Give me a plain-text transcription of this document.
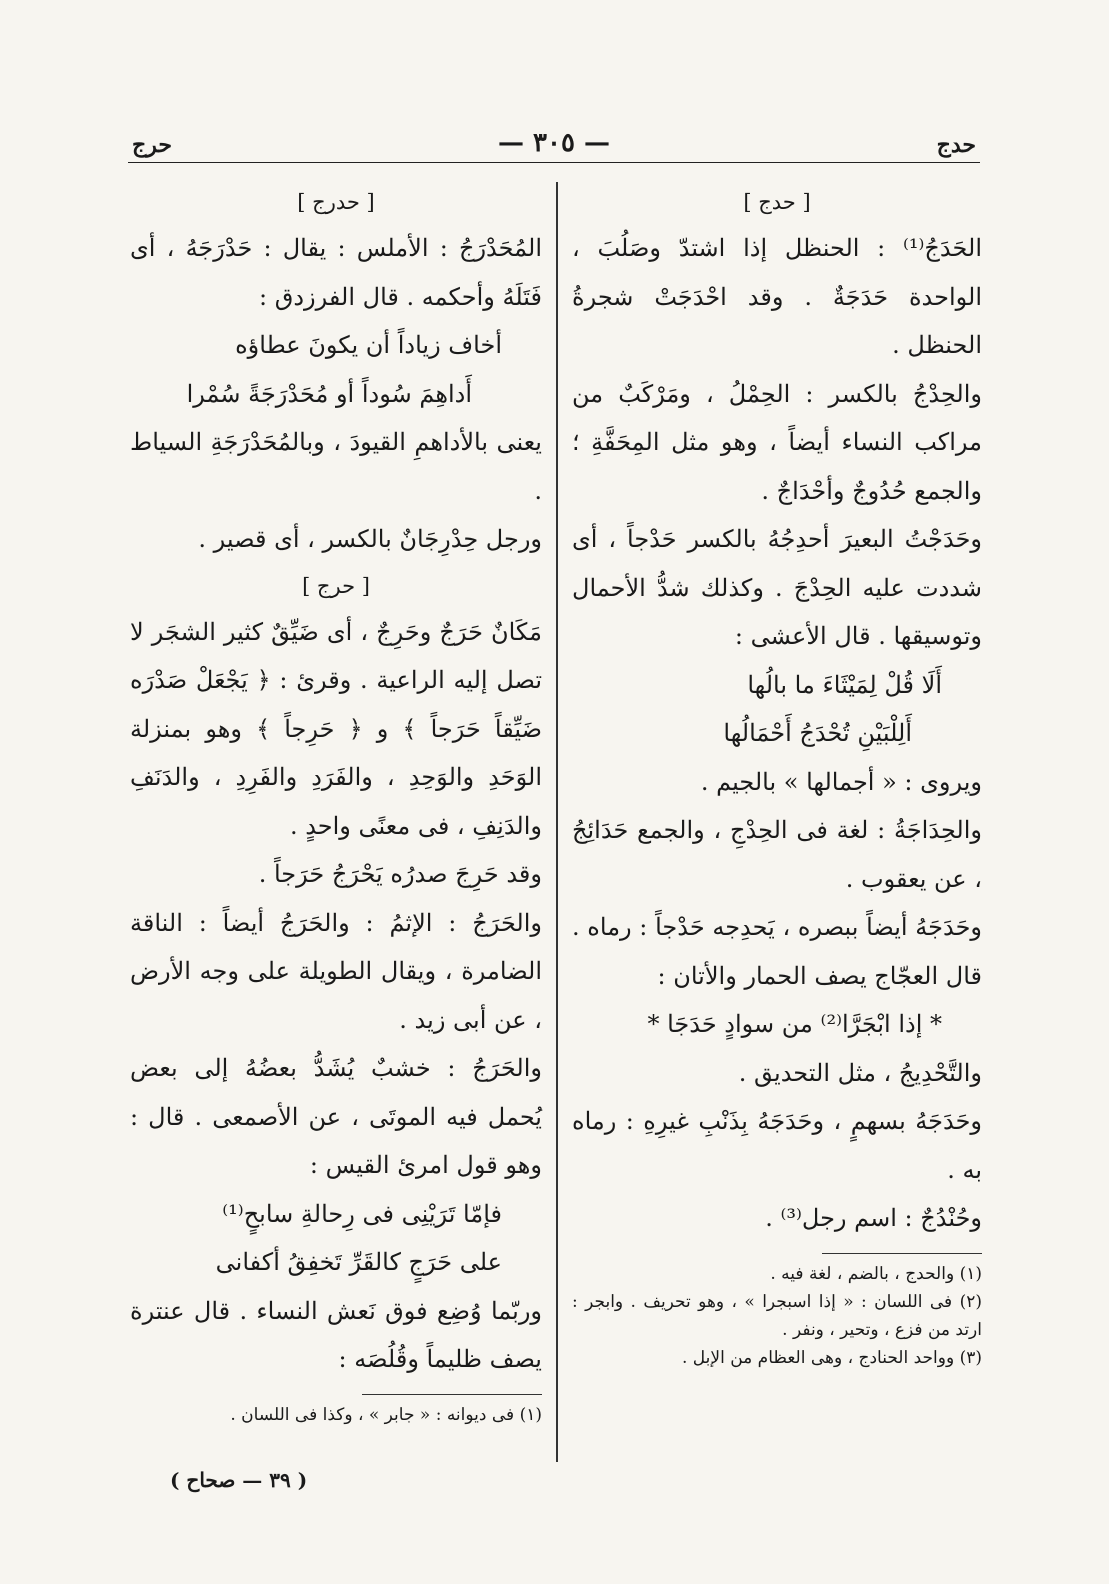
حدج
— ٣٠٥ —
حرج

[ حدج ]

الحَدَجُ⁽¹⁾ : الحنظل إذا اشتدّ وصَلُبَ ، الواحدة حَدَجَةٌ . وقد احْدَجَتْ شجرةُ الحنظل .

والحِدْجُ بالكسر : الحِمْلُ ، ومَرْكَبٌ من مراكب النساء أيضاً ، وهو مثل المِحَفَّةِ ؛ والجمع حُدُوجٌ وأحْدَاجٌ .

وحَدَجْتُ البعيرَ أحدِجُهُ بالكسر حَدْجاً ، أى شددت عليه الحِدْجَ . وكذلك شدُّ الأحمال وتوسيقها . قال الأعشى :

أَلَا قُلْ لِمَيْثَاءَ ما بالُها

أَلِلْبَيْنِ تُحْدَجُ أَحْمَالُها

ويروى : « أجمالها » بالجيم .

والحِدَاجَةُ : لغة فى الحِدْجِ ، والجمع حَدَائِجُ ، عن يعقوب .

وحَدَجَهُ أيضاً ببصره ، يَحدِجه حَدْجاً : رماه . قال العجّاج يصف الحمار والأتان :

* إذا ابْجَرَّا⁽²⁾ من سوادٍ حَدَجَا *

والتَّحْدِيجُ ، مثل التحديق .

وحَدَجَهُ بسهمٍ ، وحَدَجَهُ بِذَنْبِ غيرِهِ : رماه به .

وحُنْدُجٌ : اسم رجل⁽³⁾ .

(١) والحدج ، بالضم ، لغة فيه .

(٢) فى اللسان : « إذا اسبجرا » ، وهو تحريف . وابجر : ارتد من فزع ، وتحير ، ونفر .

(٣) وواحد الحنادج ، وهى العظام من الإبل .

[ حدرج ]

المُحَدْرَجُ : الأملس : يقال : حَدْرَجَهُ ، أى فَتَلَهُ وأحكمه . قال الفرزدق :

أخاف زياداً أن يكونَ عطاؤه

أَداهِمَ سُوداً أو مُحَدْرَجَةً سُمْرا

يعنى بالأداهمِ القيودَ ، وبالمُحَدْرَجَةِ السياط .

ورجل حِدْرِجَانٌ بالكسر ، أى قصير .

[ حرج ]

مَكَانٌ حَرَجٌ وحَرِجٌ ، أى ضَيِّقٌ كثير الشجَر لا تصل إليه الراعية . وقرئ : ﴿ يَجْعَلْ صَدْرَه ضَيِّقاً حَرَجاً ﴾ و ﴿ حَرِجاً ﴾ وهو بمنزلة الوَحَدِ والوَحِدِ ، والفَرَدِ والفَرِدِ ، والدَنَفِ والدَنِفِ ، فى معنًى واحدٍ .

وقد حَرِجَ صدرُه يَحْرَجُ حَرَجاً .

والحَرَجُ : الإثمُ : والحَرَجُ أيضاً : الناقة الضامرة ، ويقال الطويلة على وجه الأرض ، عن أبى زيد .

والحَرَجُ : خشبٌ يُشَدُّ بعضُهُ إلى بعض يُحمل فيه الموتَى ، عن الأصمعى . قال : وهو قول امرئ القيس :

فإمّا تَرَيْنِى فى رِحالةِ سابحٍ⁽¹⁾

على حَرَجٍ كالقَرِّ تَخفِقُ أكفانى

وربّما وُضِع فوق نَعش النساء . قال عنترة يصف ظليماً وقُلُصَه :

(١) فى ديوانه : « جابر » ، وكذا فى اللسان .

( ٣٩ — صحاح )
